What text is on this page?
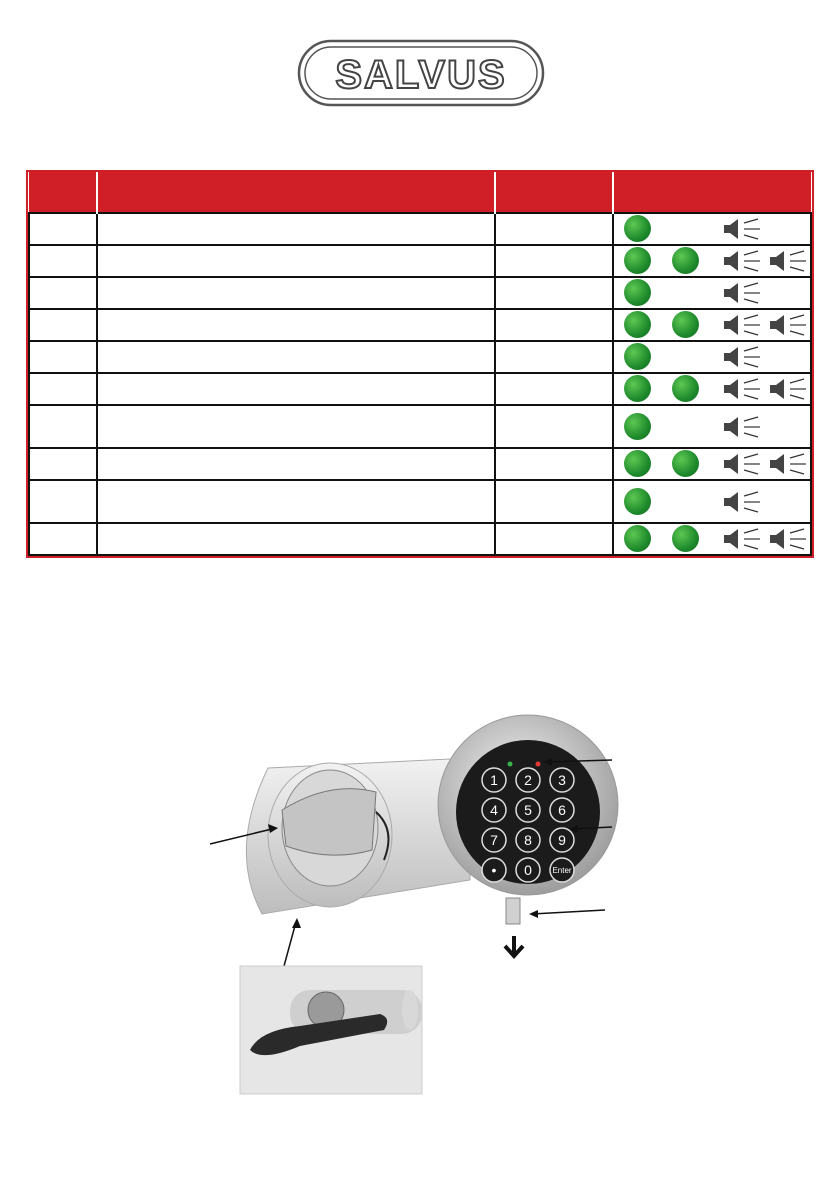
SALVUS

1 2 3
4 5 6
7 8 9
• 0	Enter
